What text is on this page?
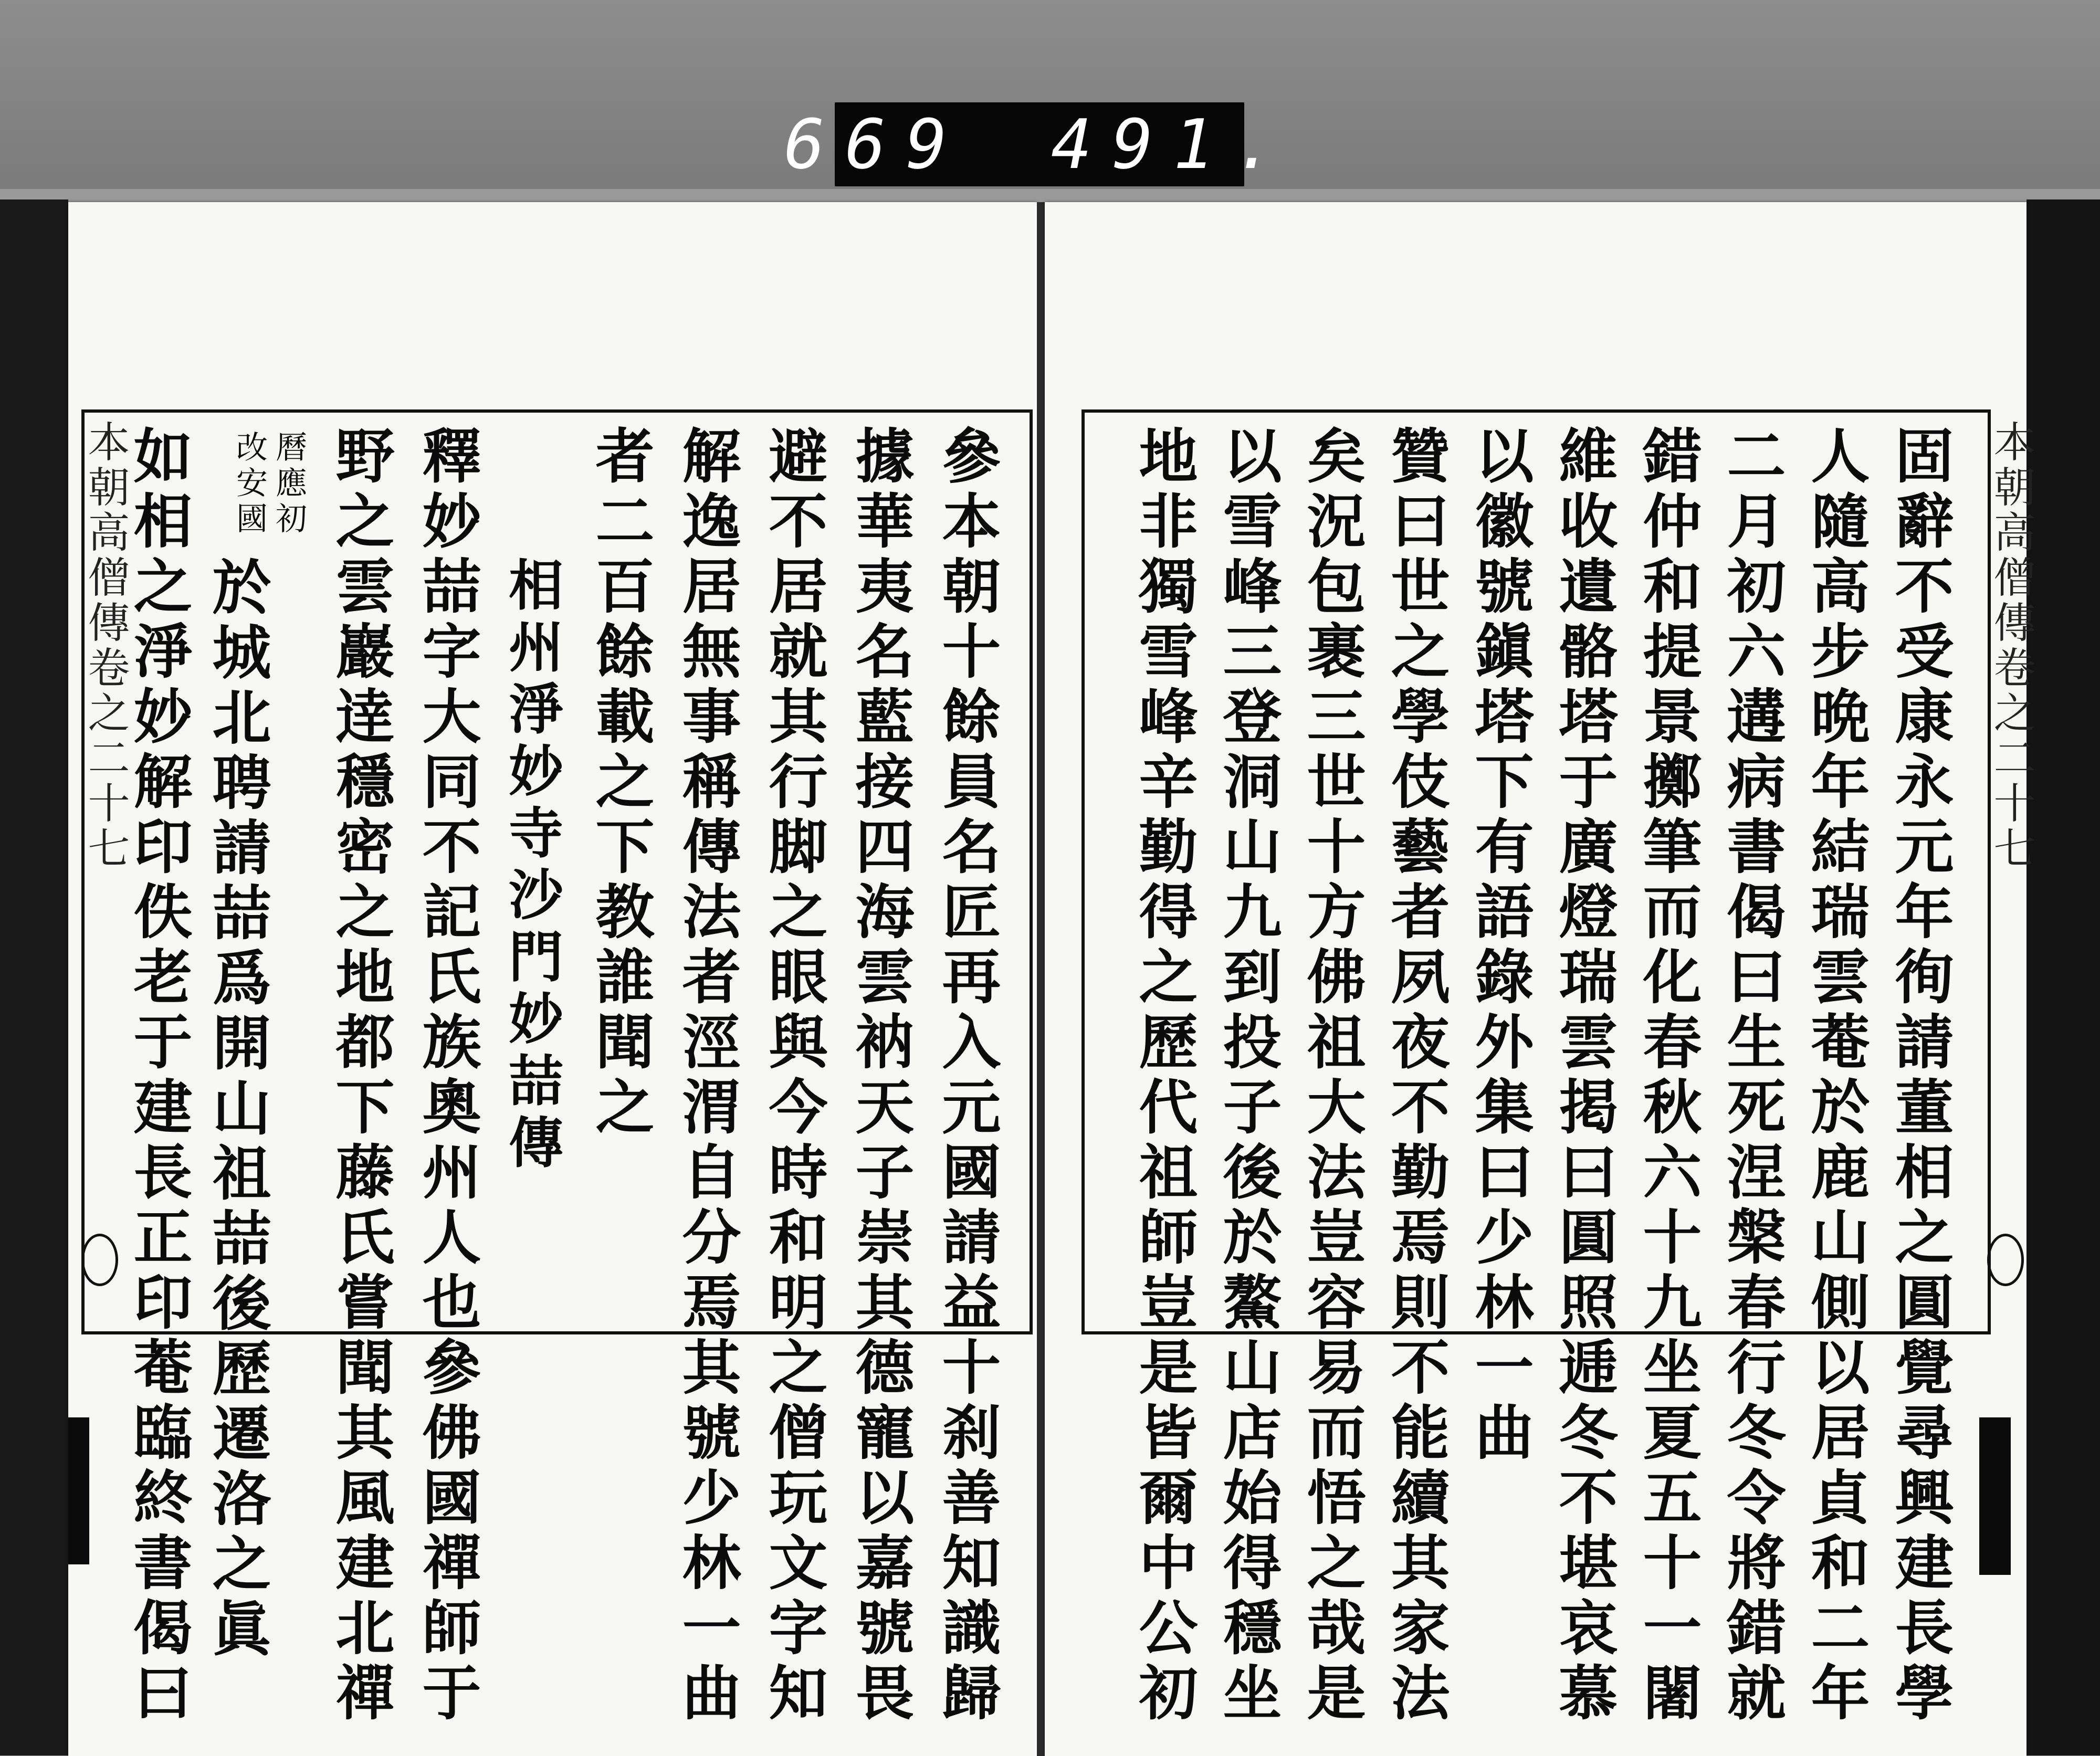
669 491.
本朝高僧傳卷之二十七	參本朝十餘員名匠再入元國請益十刹善知識歸
據華夷名藍接四海雲衲天子崇其德寵以嘉號畏
避不居就其行脚之眼與今時和明之僧玩文字知
解逸居無事稱傳法者涇渭自分焉其號少林一曲
者二百餘載之下教誰聞之
相州淨妙寺沙門妙喆傳
釋妙喆字大同不記氏族奧州人也參佛國禪師于
野之雲巖逹穩密之地都下藤氏嘗聞其風建北禪
曆應初
改安國
於城北聘請喆爲開山祖喆後歷遷洛之眞
如相之淨妙解印佚老于建長正印菴臨終書偈曰	固辭不受康永元年徇請董相之圓覺尋興建長學
人隨高步晩年結瑞雲菴於鹿山側以居貞和二年
二月初六遘病書偈曰生死涅槃春行冬令將錯就
錯仲和提景擲筆而化春秋六十九坐夏五十一闍
維收遺骼塔于廣燈瑞雲掲曰圓照逓冬不堪哀慕
以徽號鎭塔下有語錄外集曰少林一曲
贊曰世之學伎藝者夙夜不勤焉則不能續其家法
矣況包裹三世十方佛祖大法豈容易而悟之哉是
以雪峰三登洞山九到投子後於鰲山店始得穩坐
地非獨雪峰辛勤得之歷代祖師豈是皆爾中公初	本朝高僧傳卷之二十七
